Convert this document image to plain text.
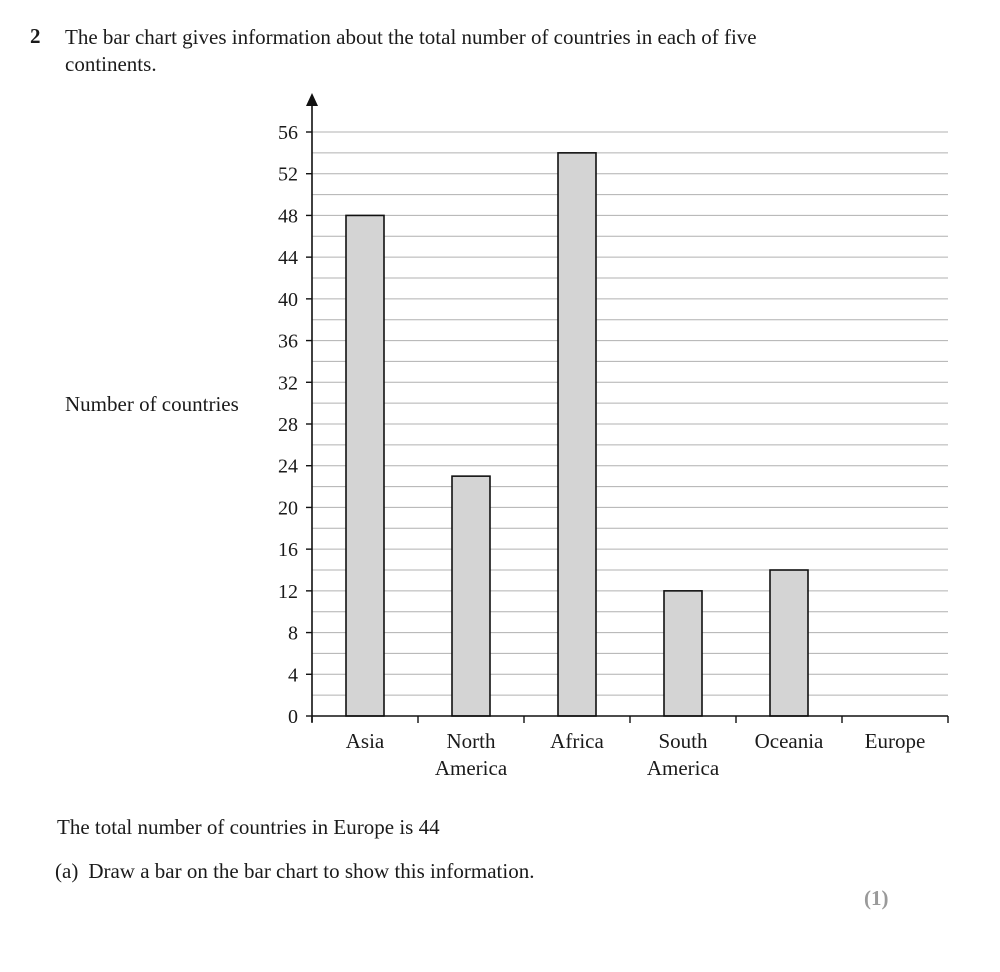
2 The bar chart gives information about the total number of countries in each of five continents.
Number of countries
0
4
8
12
16
20
24
28
32
36
40
44
48
52
56
Asia	North America
Africa	South America
Oceania Europe
The total number of countries in Europe is 44
(a) Draw a bar on the bar chart to show this information.
(1)
